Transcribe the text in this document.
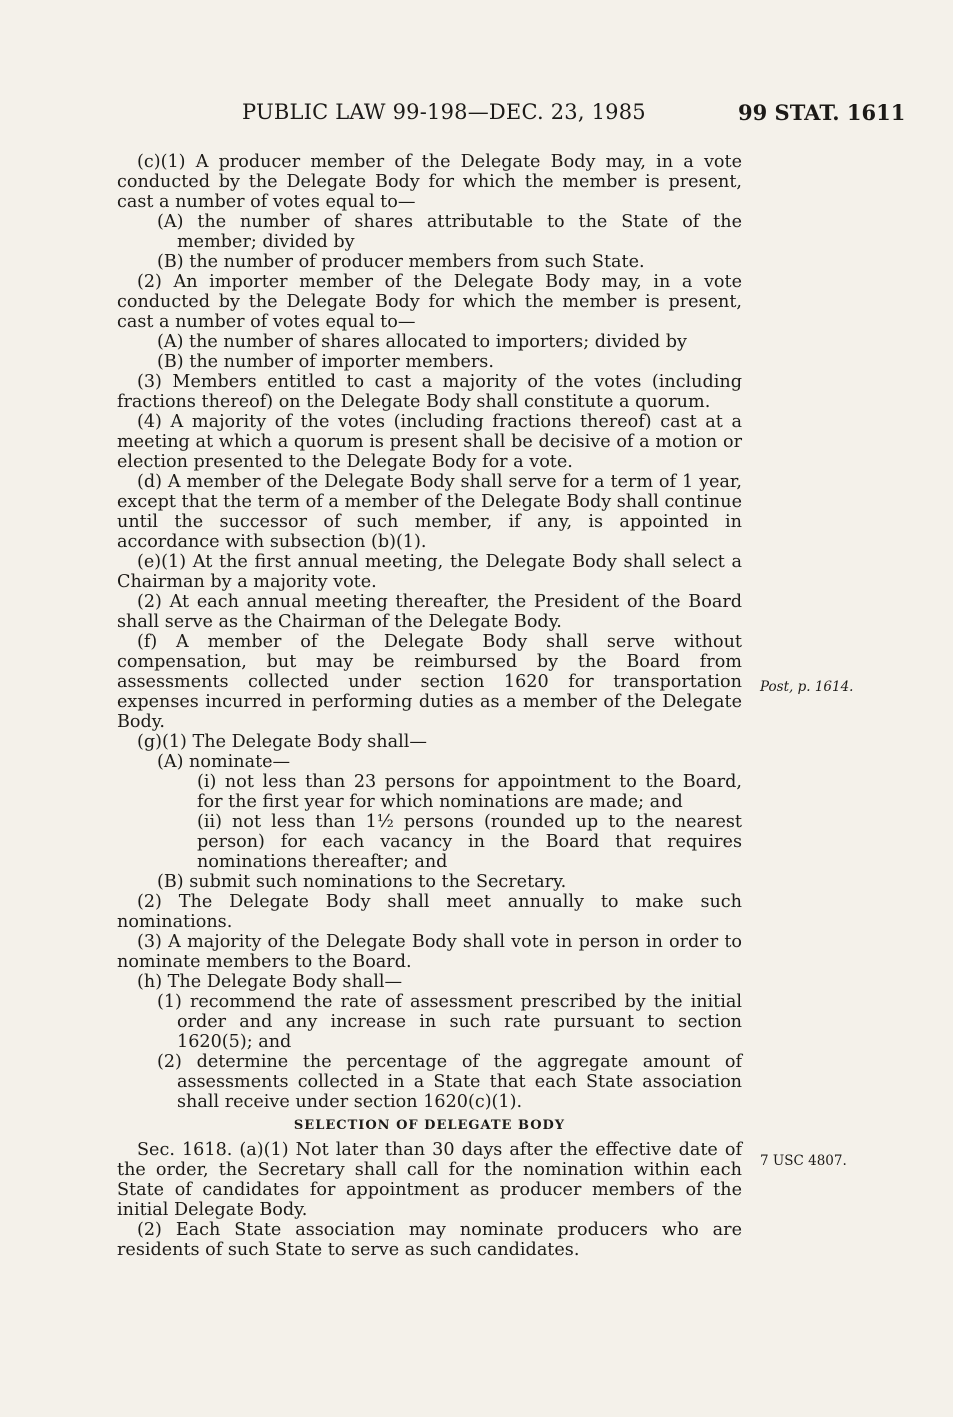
PUBLIC LAW 99-198—DEC. 23, 1985	99 STAT. 1611

(c)(1) A producer member of the Delegate Body may, in a vote conducted by the Delegate Body for which the member is present, cast a number of votes equal to—

(A) the number of shares attributable to the State of the member; divided by

(B) the number of producer members from such State.

(2) An importer member of the Delegate Body may, in a vote conducted by the Delegate Body for which the member is present, cast a number of votes equal to—

(A) the number of shares allocated to importers; divided by

(B) the number of importer members.

(3) Members entitled to cast a majority of the votes (including fractions thereof) on the Delegate Body shall constitute a quorum.

(4) A majority of the votes (including fractions thereof) cast at a meeting at which a quorum is present shall be decisive of a motion or election presented to the Delegate Body for a vote.

(d) A member of the Delegate Body shall serve for a term of 1 year, except that the term of a member of the Delegate Body shall continue until the successor of such member, if any, is appointed in accordance with subsection (b)(1).

(e)(1) At the first annual meeting, the Delegate Body shall select a Chairman by a majority vote.

(2) At each annual meeting thereafter, the President of the Board shall serve as the Chairman of the Delegate Body.

(f) A member of the Delegate Body shall serve without compensation, but may be reimbursed by the Board from assessments collected under section 1620 for transportation expenses incurred in performing duties as a member of the Delegate Body.

(g)(1) The Delegate Body shall—

(A) nominate—

(i) not less than 23 persons for appointment to the Board, for the first year for which nominations are made; and

(ii) not less than 1½ persons (rounded up to the nearest person) for each vacancy in the Board that requires nominations thereafter; and

(B) submit such nominations to the Secretary.

(2) The Delegate Body shall meet annually to make such nominations.

(3) A majority of the Delegate Body shall vote in person in order to nominate members to the Board.

(h) The Delegate Body shall—

(1) recommend the rate of assessment prescribed by the initial order and any increase in such rate pursuant to section 1620(5); and

(2) determine the percentage of the aggregate amount of assessments collected in a State that each State association shall receive under section 1620(c)(1).

SELECTION OF DELEGATE BODY

Sec. 1618. (a)(1) Not later than 30 days after the effective date of the order, the Secretary shall call for the nomination within each State of candidates for appointment as producer members of the initial Delegate Body.

(2) Each State association may nominate producers who are residents of such State to serve as such candidates.

Post, p. 1614.
7 USC 4807.
